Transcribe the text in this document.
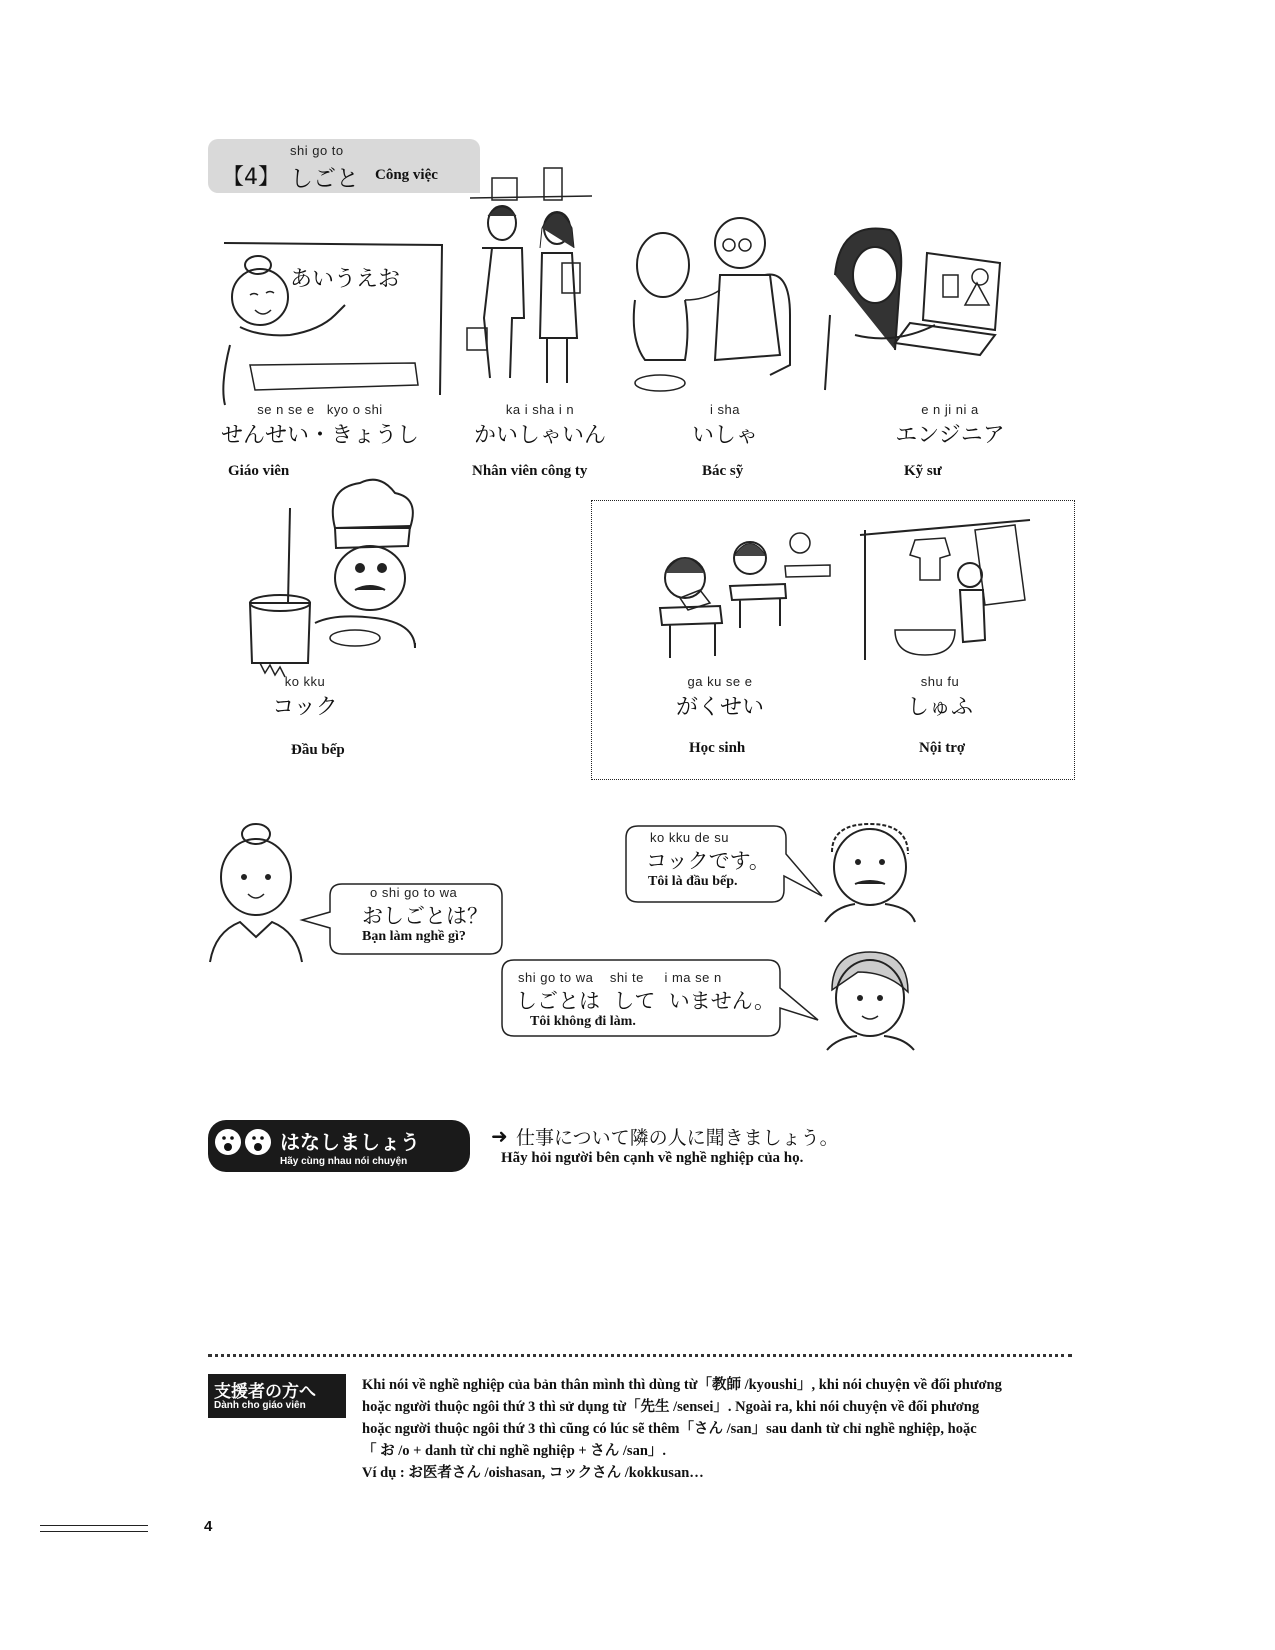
shi go to
【4】 しごと Công việc
あいうえお
se n se e   kyo o shi
せんせい・きょうし
Giáo viên
ka i sha i n
かいしゃいん
Nhân viên công ty
i sha
いしゃ
Bác sỹ
e n ji ni a
エンジニア
Kỹ sư
ko kku
コック
Đầu bếp
ga ku se e
がくせい
Học sinh
shu fu
しゅふ
Nội trợ
o shi go to wa
おしごとは？
Bạn làm nghề gì?
ko kku de su
コックです。
Tôi là đầu bếp.
shi go to wa    shi te     i ma se n
しごとは  して  いません。
Tôi không đi làm.
はなしましょう
Hãy cùng nhau nói chuyện
➜ 仕事について隣の人に聞きましょう。
Hãy hỏi người bên cạnh về nghề nghiệp của họ.
支援者の方へ
Dành cho giáo viên
Khi nói về nghề nghiệp của bản thân mình thì dùng từ「教師 /kyoushi」, khi nói chuyện về đối phương
hoặc người thuộc ngôi thứ 3 thì sử dụng từ「先生 /sensei」. Ngoài ra, khi nói chuyện về đối phương
hoặc người thuộc ngôi thứ 3 thì cũng có lúc sẽ thêm「さん /san」sau danh từ chỉ nghề nghiệp, hoặc
「 お /o + danh từ chỉ nghề nghiệp + さん /san」.
Ví dụ : お医者さん /oishasan, コックさん /kokkusan…
4
